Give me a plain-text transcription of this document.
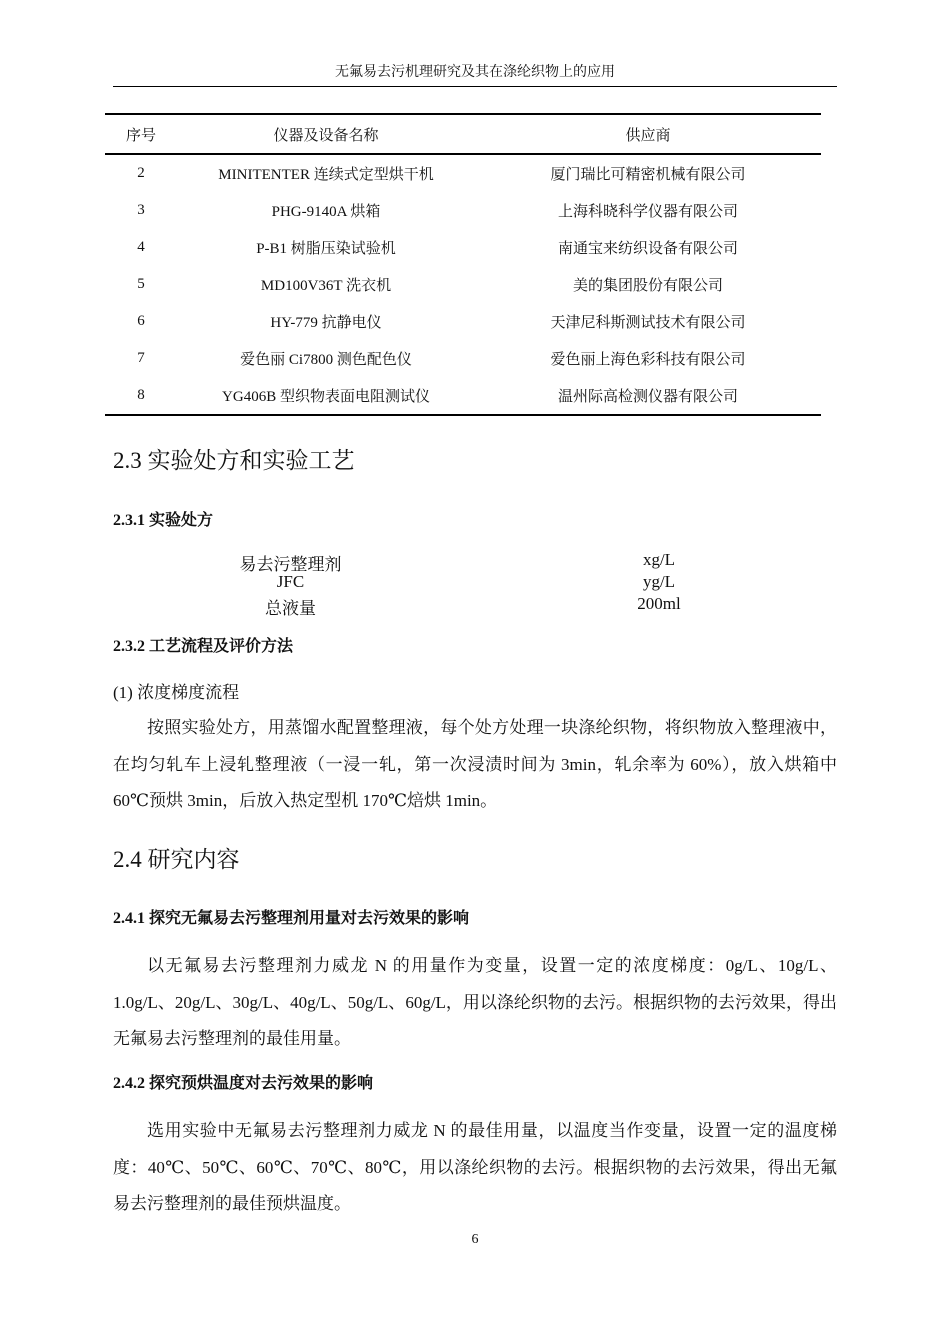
无氟易去污机理研究及其在涤纶织物上的应用
序号	仪器及设备名称	供应商
2	MINITENTER 连续式定型烘干机	厦门瑞比可精密机械有限公司
3	PHG-9140A 烘箱	上海科晓科学仪器有限公司
4	P-B1 树脂压染试验机	南通宝来纺织设备有限公司
5	MD100V36T 洗衣机	美的集团股份有限公司
6	HY-779 抗静电仪	天津尼科斯测试技术有限公司
7	爱色丽 Ci7800 测色配色仪	爱色丽上海色彩科技有限公司
8	YG406B 型织物表面电阻测试仪	温州际高检测仪器有限公司
2.3 实验处方和实验工艺
2.3.1 实验处方
易去污整理剂	xg/L
JFC	yg/L
总液量	200ml
2.3.2 工艺流程及评价方法
(1) 浓度梯度流程

按照实验处方，用蒸馏水配置整理液，每个处方处理一块涤纶织物，将织物放入整理液中，在均匀轧车上浸轧整理液（一浸一轧，第一次浸渍时间为 3min，轧余率为 60%），放入烘箱中 60℃预烘 3min，后放入热定型机 170℃焙烘 1min。

2.4 研究内容
2.4.1 探究无氟易去污整理剂用量对去污效果的影响

以无氟易去污整理剂力威龙 N 的用量作为变量，设置一定的浓度梯度：0g/L、10g/L、1.0g/L、20g/L、30g/L、40g/L、50g/L、60g/L，用以涤纶织物的去污。根据织物的去污效果，得出无氟易去污整理剂的最佳用量。

2.4.2 探究预烘温度对去污效果的影响

选用实验中无氟易去污整理剂力威龙 N 的最佳用量，以温度当作变量，设置一定的温度梯度：40℃、50℃、60℃、70℃、80℃，用以涤纶织物的去污。根据织物的去污效果，得出无氟易去污整理剂的最佳预烘温度。

6
